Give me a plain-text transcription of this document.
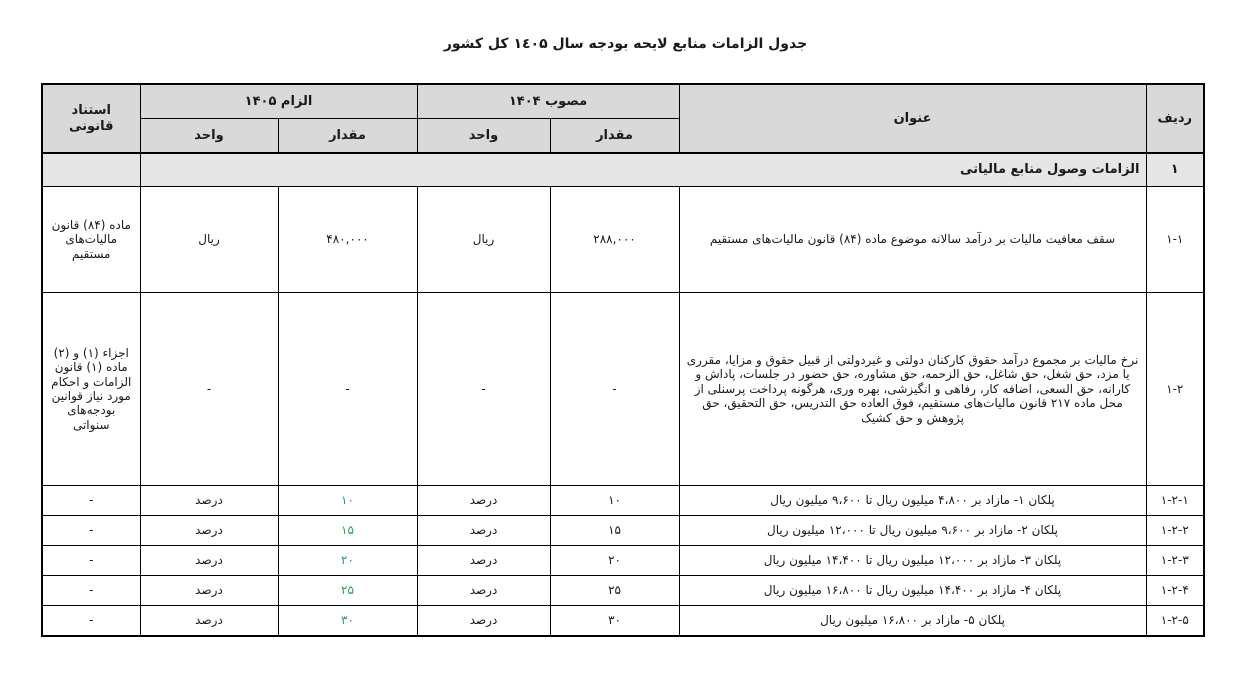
جدول الزامات منابع لایحه بودجه سال ۱٤۰۵ کل کشور
ردیف	عنوان	مصوب ۱۴۰۴		الزام ۱۴۰۵		استناد قانونی
		مقدار	واحد	مقدار	واحد	
۱	الزامات وصول منابع مالیاتی					
۱-۱	سقف معافیت مالیات بر درآمد سالانه موضوع ماده (۸۴) قانون مالیات‌های مستقیم	۲۸۸,۰۰۰	ریال	۴۸۰,۰۰۰	ریال	ماده (۸۴) قانون مالیات‌های مستقیم
۱-۲	نرخ مالیات بر مجموع درآمد حقوق کارکنان دولتی و غیردولتی از قبیل حقوق و مزایا، مقرری یا مزد، حق شغل، حق شاغل، حق الزحمه، حق مشاوره، حق حضور در جلسات، پاداش و کارانه، حق السعی، اضافه کار، رفاهی و انگیزشی، بهره وری، هرگونه پرداخت پرسنلی از محل ماده ۲۱۷ قانون مالیات‌های مستقیم، فوق العاده حق التدریس، حق التحقیق، حق پژوهش و حق کشیک	-	-	-	-	اجزاء (۱) و (۲) ماده (۱) قانون الزامات و احکام مورد نیاز قوانین بودجه‌های سنواتی
۱-۲-۱	پلکان ۱- مازاد بر ۴،۸۰۰ میلیون ریال تا ۹،۶۰۰ میلیون ریال	۱۰	درصد	۱۰	درصد	-
۱-۲-۲	پلکان ۲- مازاد بر ۹،۶۰۰ میلیون ریال تا ۱۲،۰۰۰ میلیون ریال	۱۵	درصد	۱۵	درصد	-
۱-۲-۳	پلکان ۳- مازاد بر ۱۲،۰۰۰ میلیون ریال تا ۱۴،۴۰۰ میلیون ریال	۲۰	درصد	۲۰	درصد	-
۱-۲-۴	پلکان ۴- مازاد بر ۱۴،۴۰۰ میلیون ریال تا ۱۶،۸۰۰ میلیون ریال	۲۵	درصد	۲۵	درصد	-
۱-۲-۵	پلکان ۵- مازاد بر ۱۶،۸۰۰ میلیون ریال	۳۰	درصد	۳۰	درصد	-
